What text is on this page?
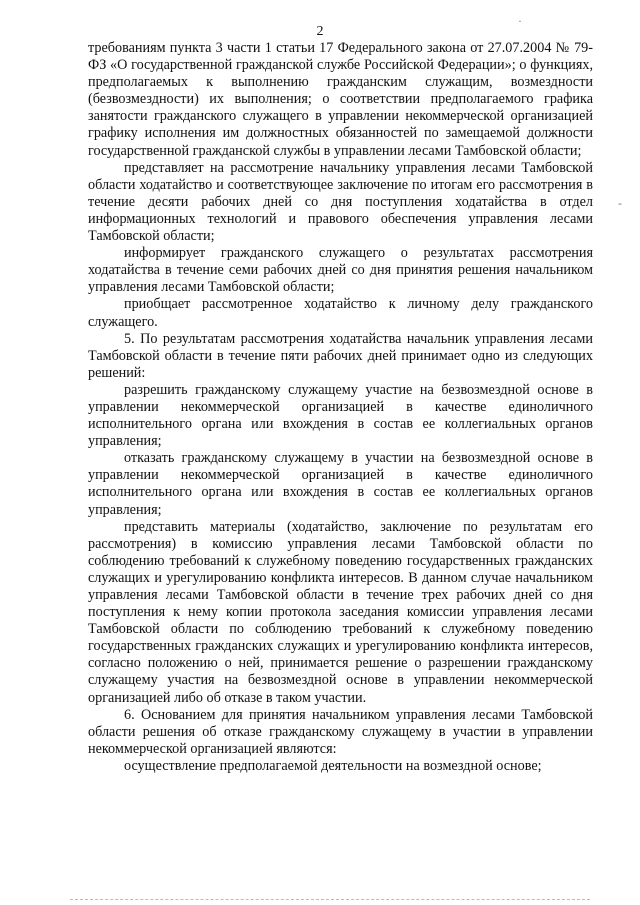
2

требованиям пункта 3 части 1 статьи 17 Федерального закона от 27.07.2004 № 79-ФЗ «О государственной гражданской службе Российской Федерации»; о функциях, предполагаемых к выполнению гражданским служащим, возмездности (безвозмездности) их выполнения; о соответствии предполагаемого графика занятости гражданского служащего в управлении некоммерческой организацией графику исполнения им должностных обязанностей по замещаемой должности государственной гражданской службы в управлении лесами Тамбовской области;

представляет на рассмотрение начальнику управления лесами Тамбовской области ходатайство и соответствующее заключение по итогам его рассмотрения в течение десяти рабочих дней со дня поступления ходатайства в отдел информационных технологий и правового обеспечения управления лесами Тамбовской области;

информирует гражданского служащего о результатах рассмотрения ходатайства в течение семи рабочих дней со дня принятия решения начальником управления лесами Тамбовской области;

приобщает рассмотренное ходатайство к личному делу гражданского служащего.

5. По результатам рассмотрения ходатайства начальник управления лесами Тамбовской области в течение пяти рабочих дней принимает одно из следующих решений:

разрешить гражданскому служащему участие на безвозмездной основе в управлении некоммерческой организацией в качестве единоличного исполнительного органа или вхождения в состав ее коллегиальных органов управления;

отказать гражданскому служащему в участии на безвозмездной основе в управлении некоммерческой организацией в качестве единоличного исполнительного органа или вхождения в состав ее коллегиальных органов управления;

представить материалы (ходатайство, заключение по результатам его рассмотрения) в комиссию управления лесами Тамбовской области по соблюдению требований к служебному поведению государственных гражданских служащих и урегулированию конфликта интересов. В данном случае начальником управления лесами Тамбовской области в течение трех рабочих дней со дня поступления к нему копии протокола заседания комиссии управления лесами Тамбовской области по соблюдению требований к служебному поведению государственных гражданских служащих и урегулированию конфликта интересов, согласно положению о ней, принимается решение о разрешении гражданскому служащему участия на безвозмездной основе в управлении некоммерческой организацией либо об отказе в таком участии.

6. Основанием для принятия начальником управления лесами Тамбовской области решения об отказе гражданскому служащему в участии в управлении некоммерческой организацией являются:

осуществление предполагаемой деятельности на возмездной основе;

·
-
